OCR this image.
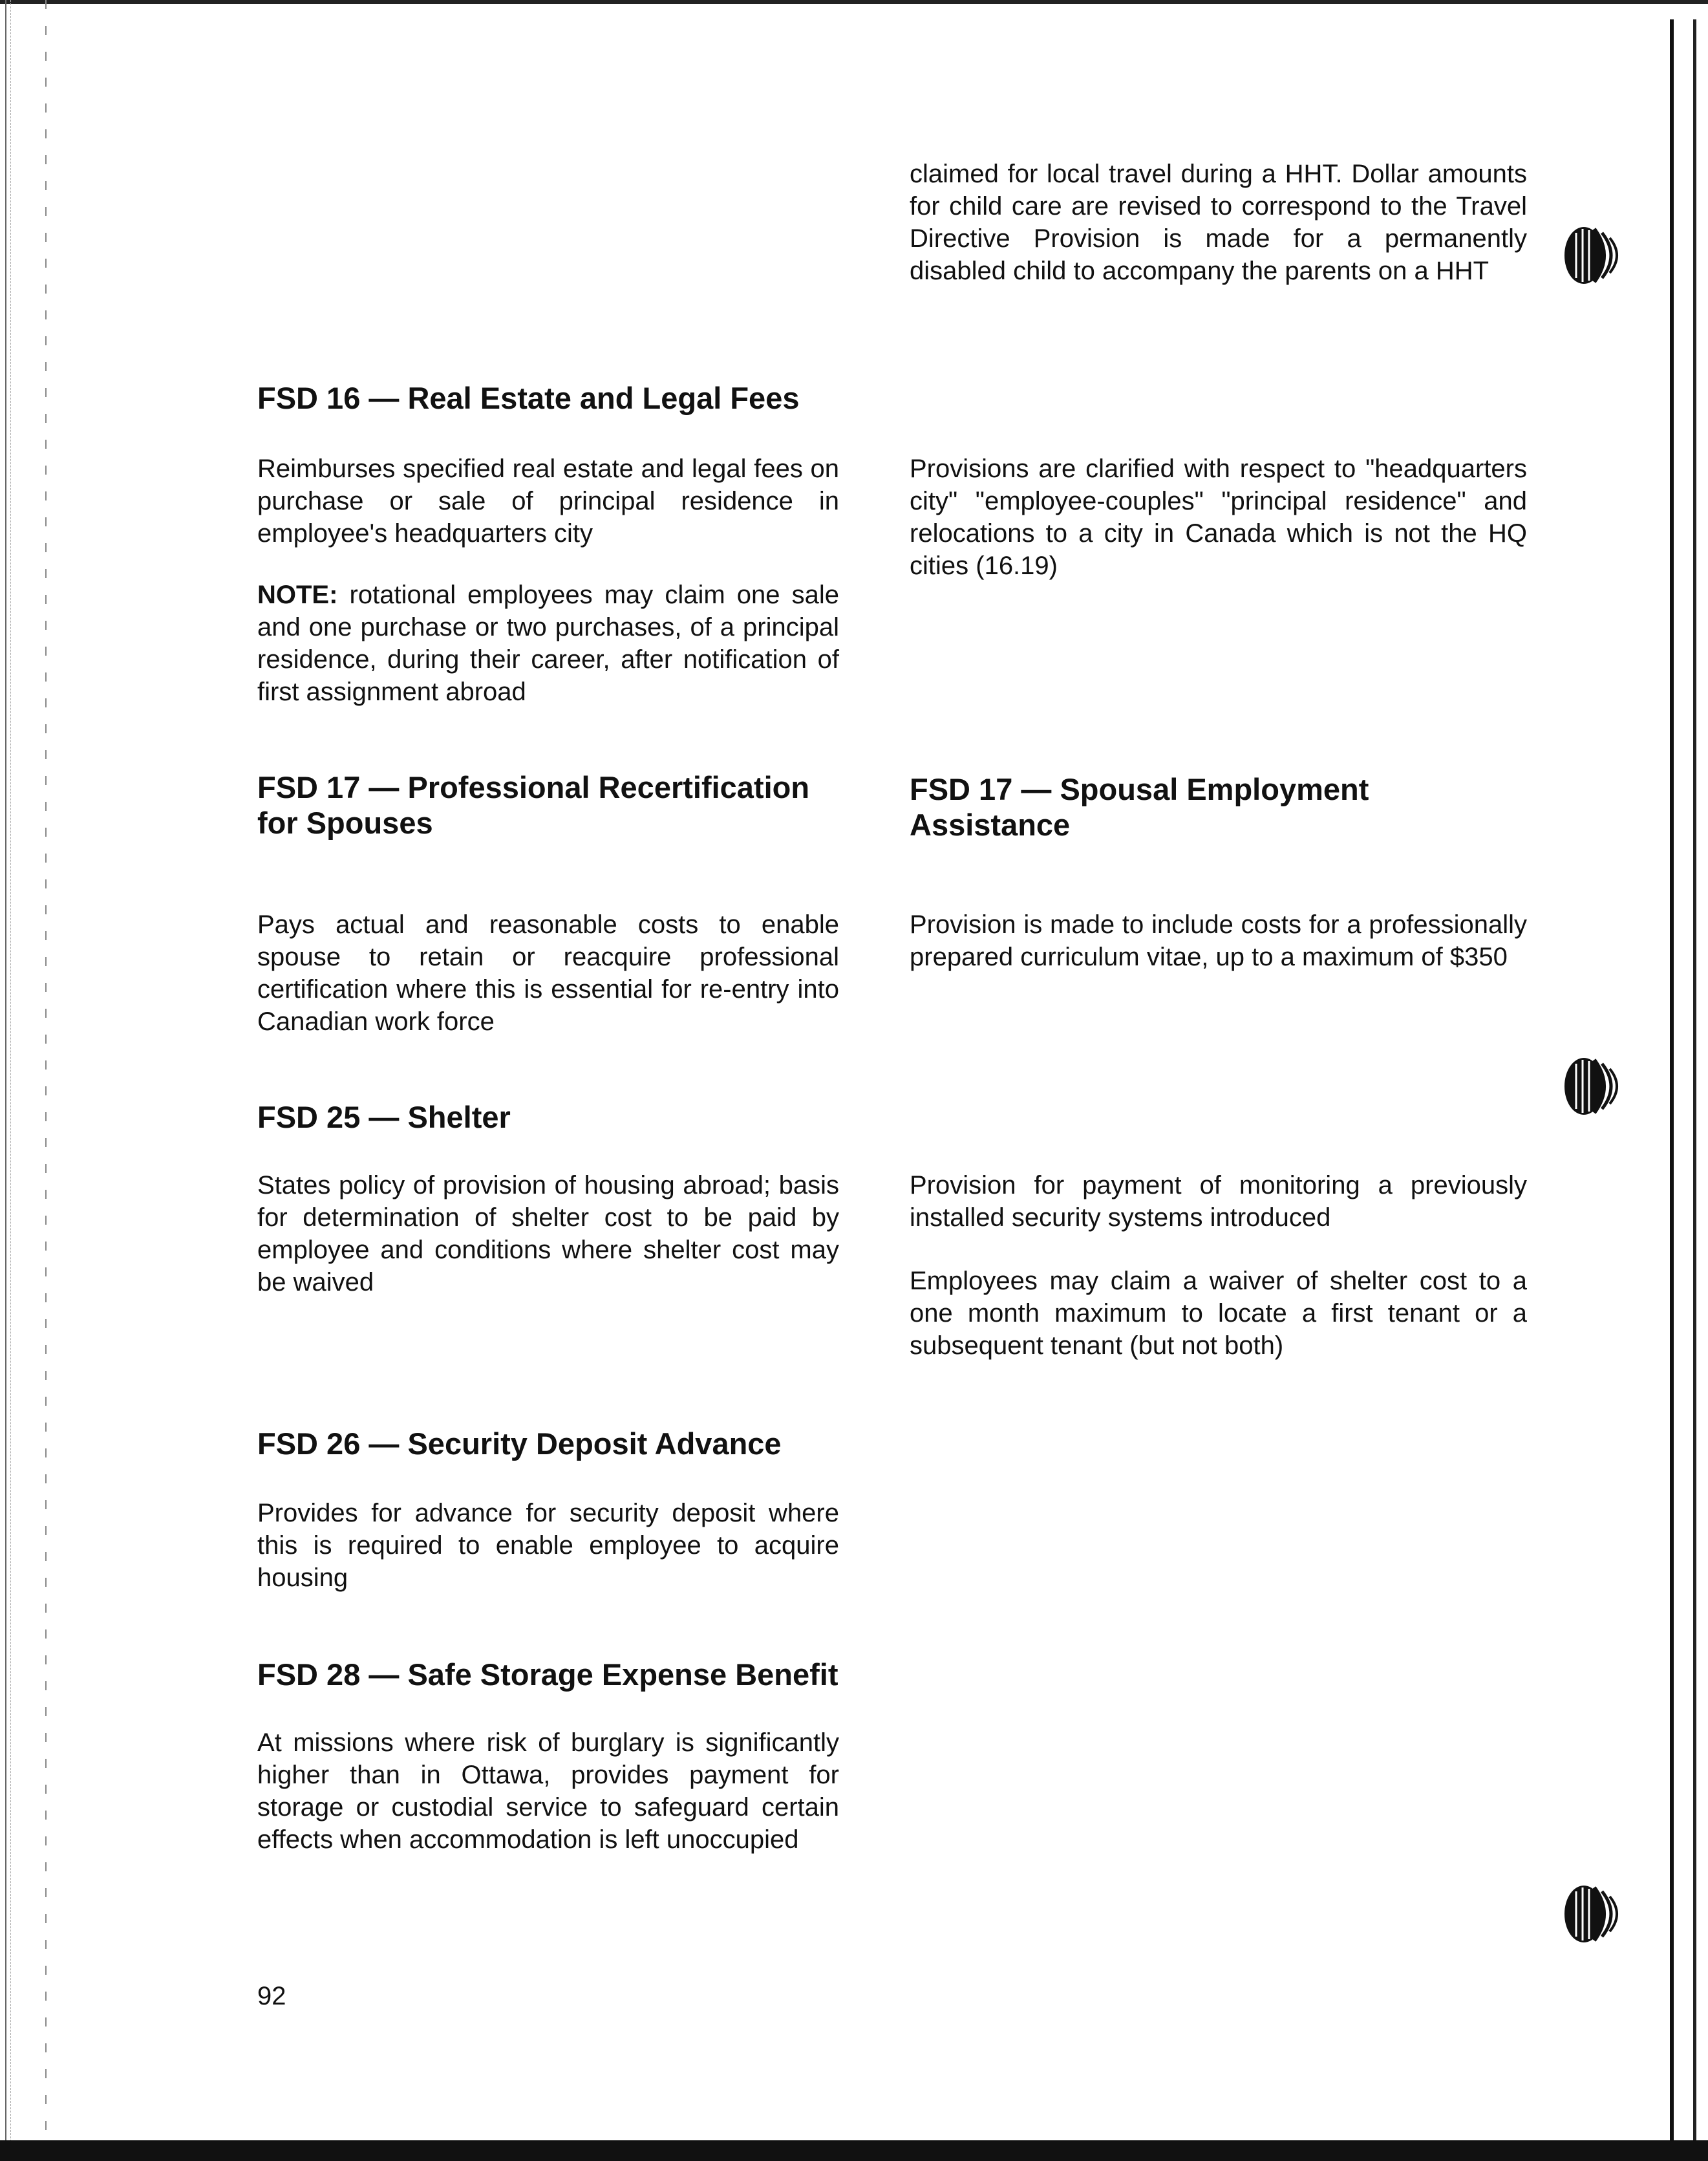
claimed for local travel during a HHT. Dollar amounts for child care are revised to correspond to the Travel Directive Provision is made for a permanently disabled child to accompany the parents on a HHT

FSD 16 — Real Estate and Legal Fees

Reimburses specified real estate and legal fees on purchase or sale of principal residence in employee's headquarters city

NOTE: rotational employees may claim one sale and one purchase or two purchases, of a principal residence, during their career, after notification of first assignment abroad

Provisions are clarified with respect to "headquarters city" "employee-couples" "principal residence" and relocations to a city in Canada which is not the HQ cities (16.19)

FSD 17 — Professional Recertification for Spouses
FSD 17 — Spousal Employment Assistance

Pays actual and reasonable costs to enable spouse to retain or reacquire professional certification where this is essential for re-entry into Canadian work force

Provision is made to include costs for a professionally prepared curriculum vitae, up to a maximum of $350

FSD 25 — Shelter

States policy of provision of housing abroad; basis for determination of shelter cost to be paid by employee and conditions where shelter cost may be waived

Provision for payment of monitoring a previously installed security systems introduced

Employees may claim a waiver of shelter cost to a one month maximum to locate a first tenant or a subsequent tenant (but not both)

FSD 26 — Security Deposit Advance

Provides for advance for security deposit where this is required to enable employee to acquire housing

FSD 28 — Safe Storage Expense Benefit

At missions where risk of burglary is significantly higher than in Ottawa, provides payment for storage or custodial service to safeguard certain effects when accommodation is left unoccupied

92
